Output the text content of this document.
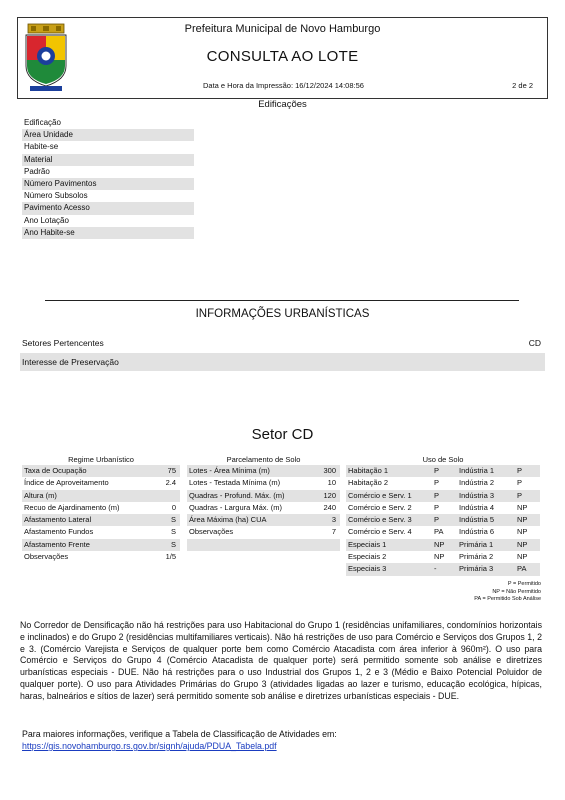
Prefeitura Municipal de Novo Hamburgo
CONSULTA AO LOTE
Data e Hora da Impressão: 16/12/2024 14:08:56	2 de 2
Edificações
Edificação
Área Unidade
Habite-se
Material
Padrão
Número Pavimentos
Número Subsolos
Pavimento Acesso
Ano Lotação
Ano Habite-se
INFORMAÇÕES URBANÍSTICAS
Setores Pertencentes	CD
Interesse de Preservação
Setor CD
Regime Urbanístico
Taxa de Ocupação	75
Índice de Aproveitamento	2.4
Altura (m)
Recuo de Ajardinamento (m)	0
Afastamento Lateral	S
Afastamento Fundos	S
Afastamento Frente	S
Observações	1/5
Parcelamento de Solo
Lotes - Área Mínima (m)	300
Lotes - Testada Mínima (m)	10
Quadras - Profund. Máx. (m)	120
Quadras - Largura Máx. (m)	240
Área Máxima (ha) CUA	3
Observações	7
Uso de Solo
Habitação 1	P	Indústria 1	P
Habitação 2	P	Indústria 2	P
Comércio e Serv. 1	P	Indústria 3	P
Comércio e Serv. 2	P	Indústria 4	NP
Comércio e Serv. 3	P	Indústria 5	NP
Comércio e Serv. 4	PA	Indústria 6	NP
Especiais 1	NP	Primária 1	NP
Especiais 2	NP	Primária 2	NP
Especiais 3	-	Primária 3	PA
P = Permitido
NP = Não Permitido
PA = Permitido Sob Análise
No Corredor de Densificação não há restrições para uso Habitacional do Grupo 1 (residências unifamiliares, condomínios horizontais e inclinados) e do Grupo 2 (residências multifamiliares verticais). Não há restrições de uso para Comércio e Serviços dos Grupos 1, 2 e 3. (Comércio Varejista e Serviços de qualquer porte bem como Comércio Atacadista com área inferior à 960m²). O uso para Comércio e Serviços do Grupo 4 (Comércio Atacadista de qualquer porte) será permitido somente sob análise e diretrizes urbanísticas especiais - DUE. Não há restrições para o uso Industrial dos Grupos 1, 2 e 3 (Médio e Baixo Potencial Poluidor de qualquer porte). O uso para Atividades Primárias do Grupo 3 (atividades ligadas ao lazer e turismo, educação ecológica, hípicas, haras, balneários e sítios de lazer) será permitido somente sob análise e diretrizes urbanísticas especiais - DUE.
Para maiores informações, verifique a Tabela de Classificação de Atividades em:
https://gis.novohamburgo.rs.gov.br/signh/ajuda/PDUA_Tabela.pdf
